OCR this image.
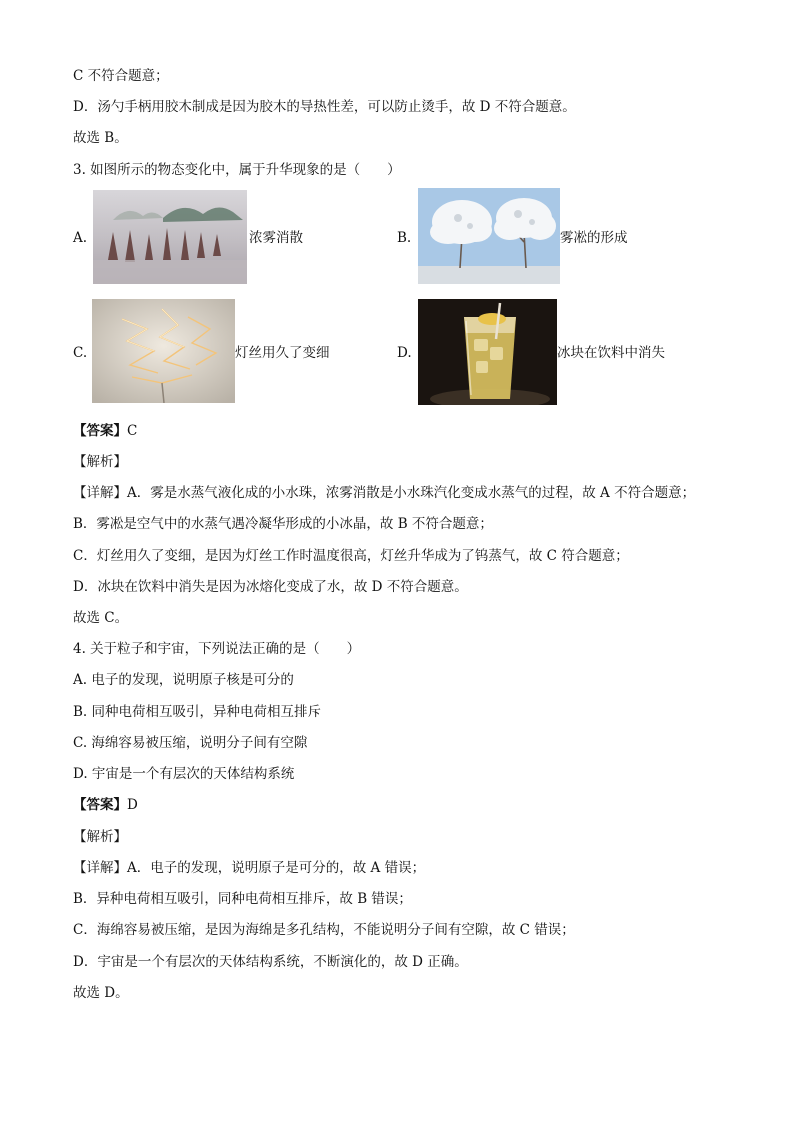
C 不符合题意；
D．汤勺手柄用胶木制成是因为胶木的导热性差，可以防止烫手，故 D 不符合题意。
故选 B。
3. 如图所示的物态变化中，属于升华现象的是（　　）
A.	浓雾消散	B.	雾凇的形成
C.	灯丝用久了变细	D.	冰块在饮料中消失
【答案】C
【解析】
【详解】A．雾是水蒸气液化成的小水珠，浓雾消散是小水珠汽化变成水蒸气的过程，故 A 不符合题意；
B．雾凇是空气中的水蒸气遇冷凝华形成的小冰晶，故 B 不符合题意；
C．灯丝用久了变细，是因为灯丝工作时温度很高，灯丝升华成为了钨蒸气，故 C 符合题意；
D．冰块在饮料中消失是因为冰熔化变成了水，故 D 不符合题意。
故选 C。
4. 关于粒子和宇宙，下列说法正确的是（　　）
A. 电子的发现，说明原子核是可分的
B. 同种电荷相互吸引，异种电荷相互排斥
C. 海绵容易被压缩，说明分子间有空隙
D. 宇宙是一个有层次的天体结构系统
【答案】D
【解析】
【详解】A．电子的发现，说明原子是可分的，故 A 错误；
B．异种电荷相互吸引，同种电荷相互排斥，故 B 错误；
C．海绵容易被压缩，是因为海绵是多孔结构，不能说明分子间有空隙，故 C 错误；
D．宇宙是一个有层次的天体结构系统，不断演化的，故 D 正确。
故选 D。
